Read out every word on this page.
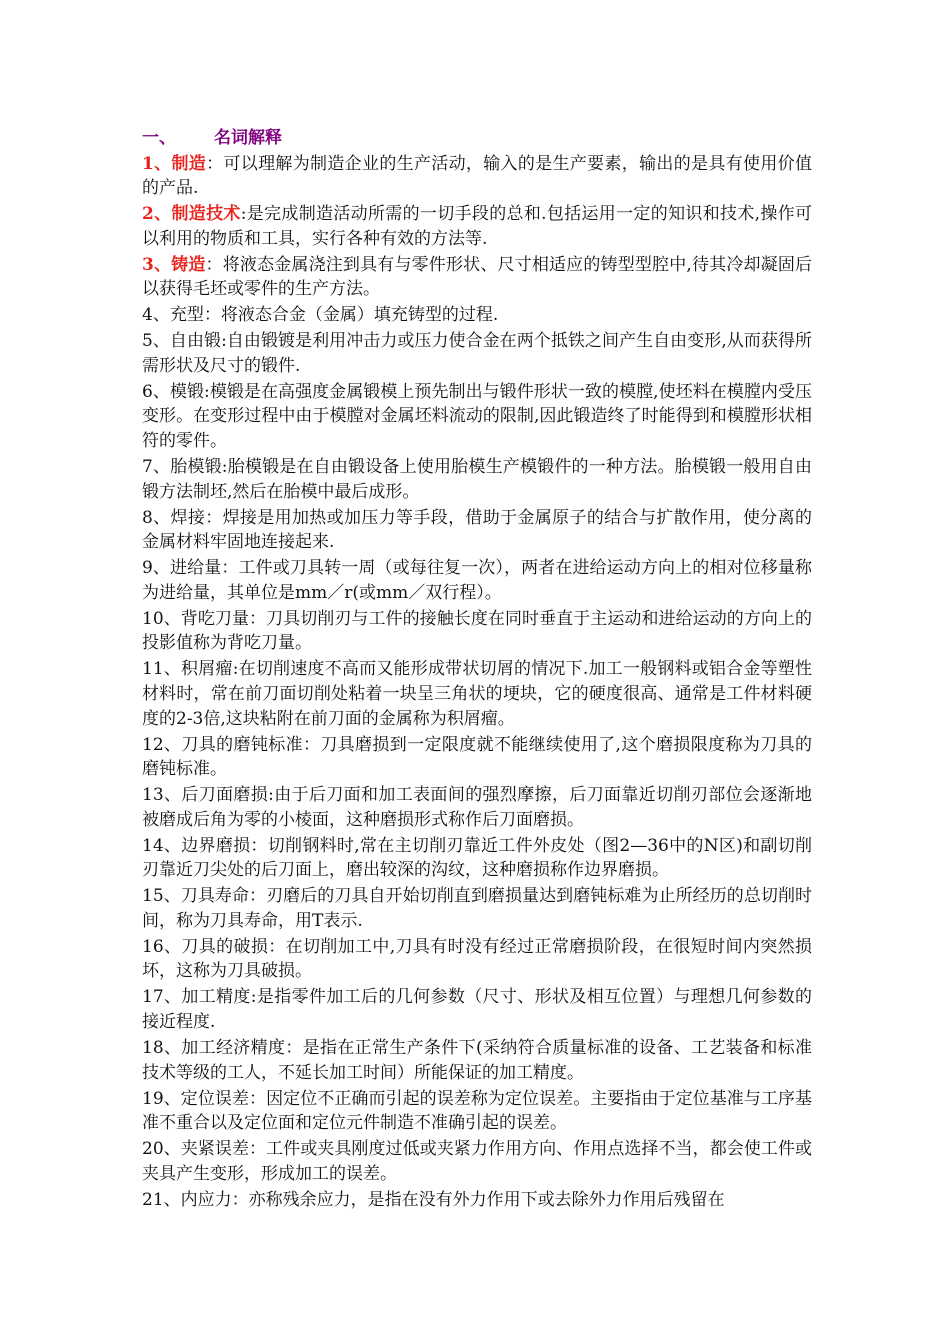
一、 名词解释
1、制造：可以理解为制造企业的生产活动，输入的是生产要素，输出的是具有使用价值的产品.
2、制造技术:是完成制造活动所需的一切手段的总和.包括运用一定的知识和技术,操作可以利用的物质和工具，实行各种有效的方法等.
3、铸造：将液态金属浇注到具有与零件形状、尺寸相适应的铸型型腔中,待其冷却凝固后以获得毛坯或零件的生产方法。
4、充型：将液态合金（金属）填充铸型的过程.
5、自由锻:自由锻镀是利用冲击力或压力使合金在两个抵铁之间产生自由变形,从而获得所需形状及尺寸的锻件.
6、模锻:模锻是在高强度金属锻模上预先制出与锻件形状一致的模膛,使坯料在模膛内受压变形。在变形过程中由于模膛对金属坯料流动的限制,因此锻造终了时能得到和模膛形状相符的零件。
7、胎模锻:胎模锻是在自由锻设备上使用胎模生产模锻件的一种方法。胎模锻一般用自由锻方法制坯,然后在胎模中最后成形。
8、焊接：焊接是用加热或加压力等手段，借助于金属原子的结合与扩散作用，使分离的金属材料牢固地连接起来.
9、进给量：工件或刀具转一周（或每往复一次），两者在进给运动方向上的相对位移量称为进给量，其单位是mm／r(或mm／双行程）。
10、背吃刀量：刀具切削刃与工件的接触长度在同时垂直于主运动和进给运动的方向上的投影值称为背吃刀量。
11、积屑瘤:在切削速度不高而又能形成带状切屑的情况下.加工一般钢料或铝合金等塑性材料时，常在前刀面切削处粘着一块呈三角状的埂块，它的硬度很高、通常是工件材料硬度的2-3倍,这块粘附在前刀面的金属称为积屑瘤。
12、刀具的磨钝标准：刀具磨损到一定限度就不能继续使用了,这个磨损限度称为刀具的磨钝标准。
13、后刀面磨损:由于后刀面和加工表面间的强烈摩擦，后刀面靠近切削刃部位会逐渐地被磨成后角为零的小棱面，这种磨损形式称作后刀面磨损。
14、边界磨损：切削钢料时,常在主切削刃靠近工件外皮处（图2—36中的N区)和副切削刃靠近刀尖处的后刀面上，磨出较深的沟纹，这种磨损称作边界磨损。
15、刀具寿命：刃磨后的刀具自开始切削直到磨损量达到磨钝标难为止所经历的总切削时间，称为刀具寿命，用T表示.
16、刀具的破损：在切削加工中,刀具有时没有经过正常磨损阶段，在很短时间内突然损坏，这称为刀具破损。
17、加工精度:是指零件加工后的几何参数（尺寸、形状及相互位置）与理想几何参数的接近程度.
18、加工经济精度：是指在正常生产条件下(采纳符合质量标准的设备、工艺装备和标准技术等级的工人，不延长加工时间）所能保证的加工精度。
19、定位误差：因定位不正确而引起的误差称为定位误差。主要指由于定位基准与工序基准不重合以及定位面和定位元件制造不准确引起的误差。
20、夹紧误差：工件或夹具刚度过低或夹紧力作用方向、作用点选择不当，都会使工件或夹具产生变形，形成加工的误差。
21、内应力：亦称残余应力，是指在没有外力作用下或去除外力作用后残留在
